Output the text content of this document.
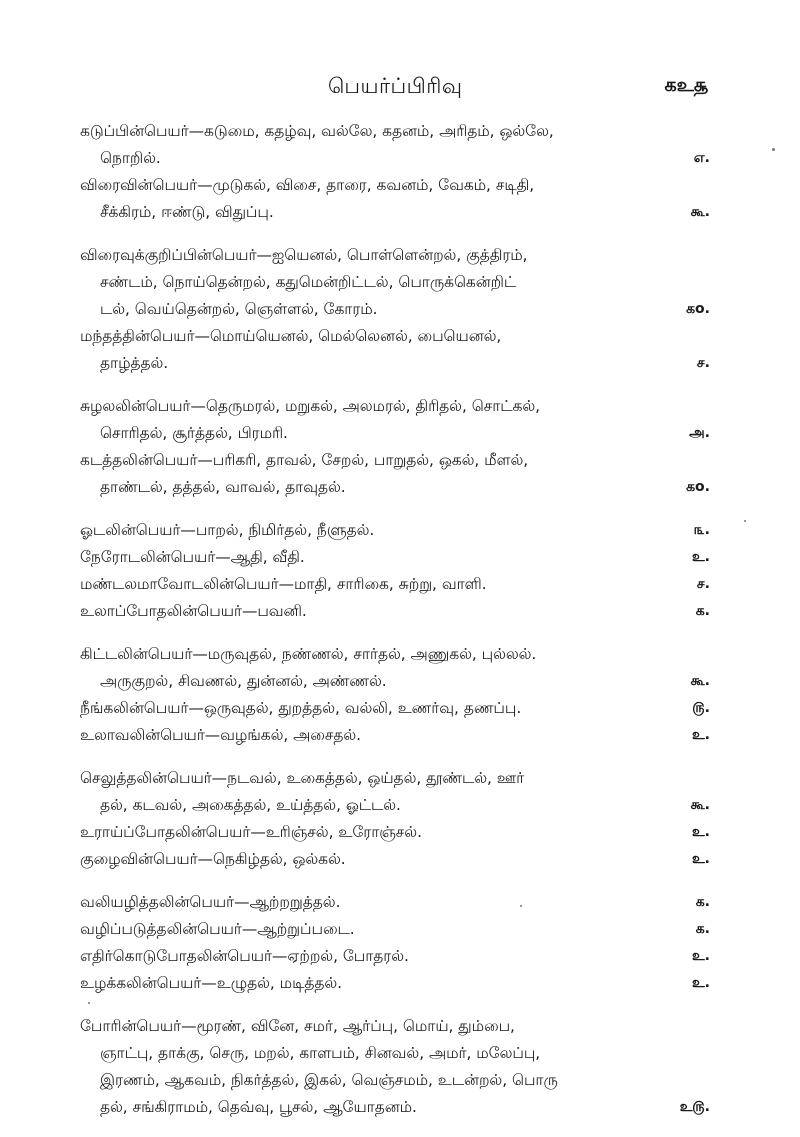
பெயர்ப்பிரிவு	கஉ௲
கடுப்பின்பெயர்—கடுமை, கதழ்வு, வல்லே, கதனம், அரிதம், ஒல்லே,
நொறில்.	எ.
விரைவின்பெயர்—முடுகல், விசை, தாரை, கவனம், வேகம், சடிதி,
சீக்கிரம், ஈண்டு, விதுப்பு.	கூ.
விரைவுக்குறிப்பின்பெயர்—ஐயெனல், பொள்ளென்றல், குத்திரம்,
சண்டம், நொய்தென்றல், கதுமென்றிட்டல், பொருக்கென்றிட்
டல், வெய்தென்றல், ஞெள்ளல், கோரம்.	கo.
மந்தத்தின்பெயர்—மொய்யெனல், மெல்லெனல், பையெனல்,
தாழ்த்தல்.	ச.
சுழலலின்பெயர்—தெருமரல், மறுகல், அலமரல், திரிதல், சொட்கல்,
சொரிதல், சூர்த்தல், பிரமரி.	அ.
கடத்தலின்பெயர்—பரிகரி, தாவல், சேறல், பாறுதல், ஒகல், மீளல்,
தாண்டல், தத்தல், வாவல், தாவுதல்.	கo.
ஓடலின்பெயர்—பாறல், நிமிர்தல், நீளுதல்.	௩.
நேரோடலின்பெயர்—ஆதி, வீதி.	உ.
மண்டலமாவோடலின்பெயர்—மாதி, சாரிகை, சுற்று, வாளி.	ச.
உலாப்போதலின்பெயர்—பவனி.	க.
கிட்டலின்பெயர்—மருவுதல், நண்ணல், சார்தல், அணுகல், புல்லல்.
அருகுறல், சிவணல், துன்னல், அண்ணல்.	கூ.
நீங்கலின்பெயர்—ஒருவுதல், துறத்தல், வல்லி, உணர்வு, தணப்பு.	௫.
உலாவலின்பெயர்—வழங்கல், அசைதல்.	உ.
செலுத்தலின்பெயர்—நடவல், உகைத்தல், ஒய்தல், தூண்டல், ஊர்
தல், கடவல், அகைத்தல், உய்த்தல், ஓட்டல்.	கூ.
உராய்ப்போதலின்பெயர்—உரிஞ்சல், உரோஞ்சல்.	உ.
குழைவின்பெயர்—நெகிழ்தல், ஒல்கல்.	உ.
வலியழித்தலின்பெயர்—ஆற்றறுத்தல்.	க.
வழிப்படுத்தலின்பெயர்—ஆற்றுப்படை.	க.
எதிர்கொடுபோதலின்பெயர்—ஏற்றல், போதரல்.	உ.
உழக்கலின்பெயர்—உழுதல், மடித்தல்.	உ.
போரின்பெயர்—மூரண், வினே, சமர், ஆர்ப்பு, மொய், தும்பை,
ஞாட்பு, தாக்கு, செரு, மறல், காளபம், சினவல், அமர், மலேப்பு,
இரணம், ஆகவம், நிகர்த்தல், இகல், வெஞ்சமம், உடன்றல், பொரு
தல், சங்கிராமம், தெவ்வு, பூசல், ஆயோதனம்.	உ௫.
